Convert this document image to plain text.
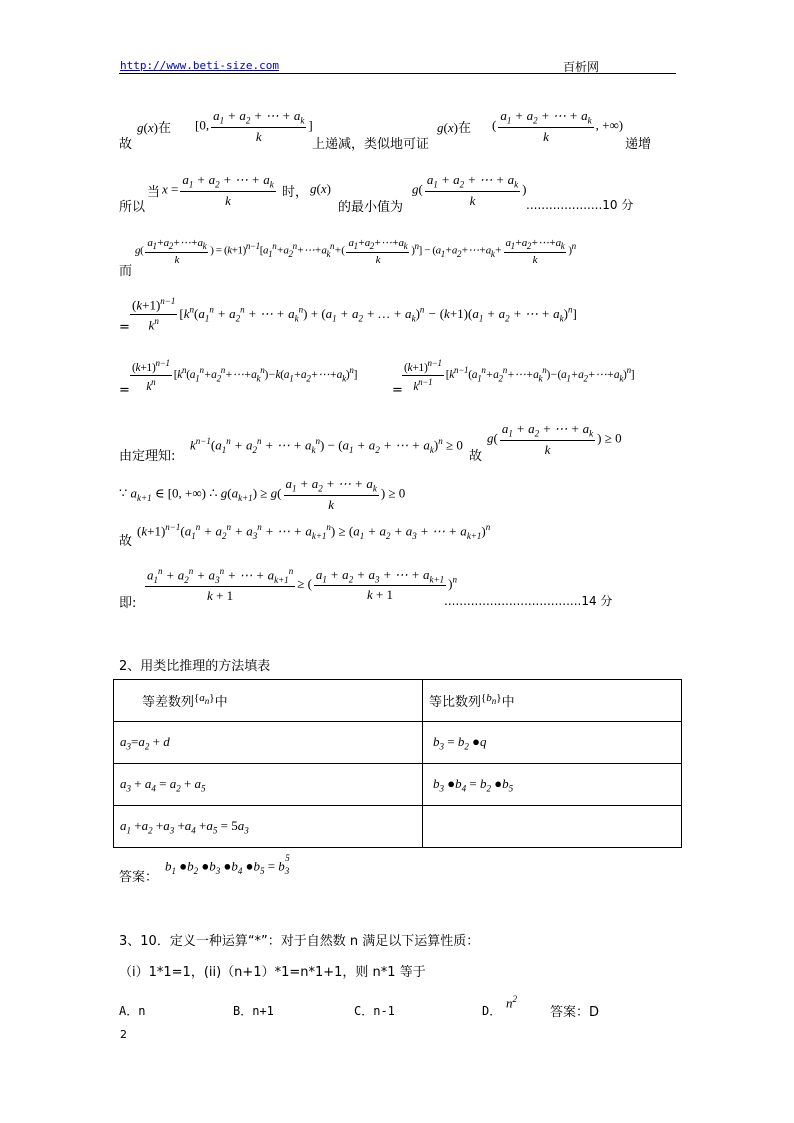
http://www.beti-size.com	百析网
故
g(x)在 [0, $\frac{a_1 + a_2 + \cdots + a_k}{k}$ ]
上递减，类似地可证
g(x)在 ( $\frac{a_1 + a_2 + \cdots + a_k}{k}$ , +∞)
递增
所以
当 $x = \frac{a_1 + a_2 + \cdots + a_k}{k}$ 时， g(x)
的最小值为
$g( \frac{a_1 + a_2 + \cdots + a_k}{k}$ )
....................10 分
而
$g( \frac{a_1+a_2+\cdots+a_k}{k}$ ) = $(k+1)^{n-1}[a_1^n+a_2^n+\cdots+a_k^n+( \frac{a_1+a_2+\cdots+a_k}{k} )^n]$ − $(a_1+a_2+\cdots+a_k+ \frac{a_1+a_2+\cdots+a_k}{k} )^n$
= $\frac{(k+1)^{n-1}}{k^n} [k^n(a_1^n + a_2^n$ + ⋯ + $a_k^n) + (a_1 + a_2$ + … + $a_k)^n - (k+1)(a_1 + a_2$ + ⋯ + $a_k)^n$]
= $\frac{(k+1)^{n-1}}{k^n}$ $[k^n(a_1^n+a_2^n+\cdots+a_k^n)-k(a_1+a_2+\cdots+a_k)^n]$
= $\frac{(k+1)^{n-1}}{k^{n-1}}$ $[k^{n-1}(a_1^n+a_2^n+\cdots+a_k^n)-(a_1+a_2+\cdots+a_k)^n]$
由定理知:
$k^{n-1}(a_1^n + a_2^n$ + ⋯ + $a_k^n) - (a_1 + a_2$ + ⋯ + $a_k)^n \ge 0$
故
$g( \frac{a_1 + a_2 + \cdots + a_k}{k}$ ) ≥ 0
∵ $a_{k+1}$ ∈ [0, +∞) ∴ $g(a_{k+1}) \ge g( \frac{a_1 + a_2 + \cdots + a_k}{k}$ ) ≥ 0
故
$(k+1)^{n-1}(a_1^n + a_2^n + a_3^n$ + ⋯ + $a_{k+1}^n) \ge (a_1 + a_2 + a_3$ + ⋯ + $a_{k+1})^n$
即: $\frac{a_1^n + a_2^n + a_3^n + \cdots + a_{k+1}^n}{k + 1}$ ≥ ( $\frac{a_1 + a_2 + a_3 + \cdots + a_{k+1}}{k + 1} )^n$
....................................14 分
2、用类比推理的方法填表
等差数列$^{\{a_n\}}$中	等比数列$^{\{b_n\}}$中
$a_3=a_2 + d$	$b_3 = b_2$ ●q
$a_3 + a_4 = a_2 + a_5$	$b_3$ $●b_4 = b_2$ $●b_5$
$a_1 +a_2 +a_3 +a_4 +a_5 = 5a_3$	
答案：
$b_1$ $●b_2$ $●b_3$ $●b_4$ $●b_5 = b_3^5$
3、10．定义一种运算“*”：对于自然数 n 满足以下运算性质：
（i）1*1=1，(ii)（n+1）*1=n*1+1，则 n*1 等于
A．n	B．n+1	C．n-1	D．
$n^2$
答案：D
2
